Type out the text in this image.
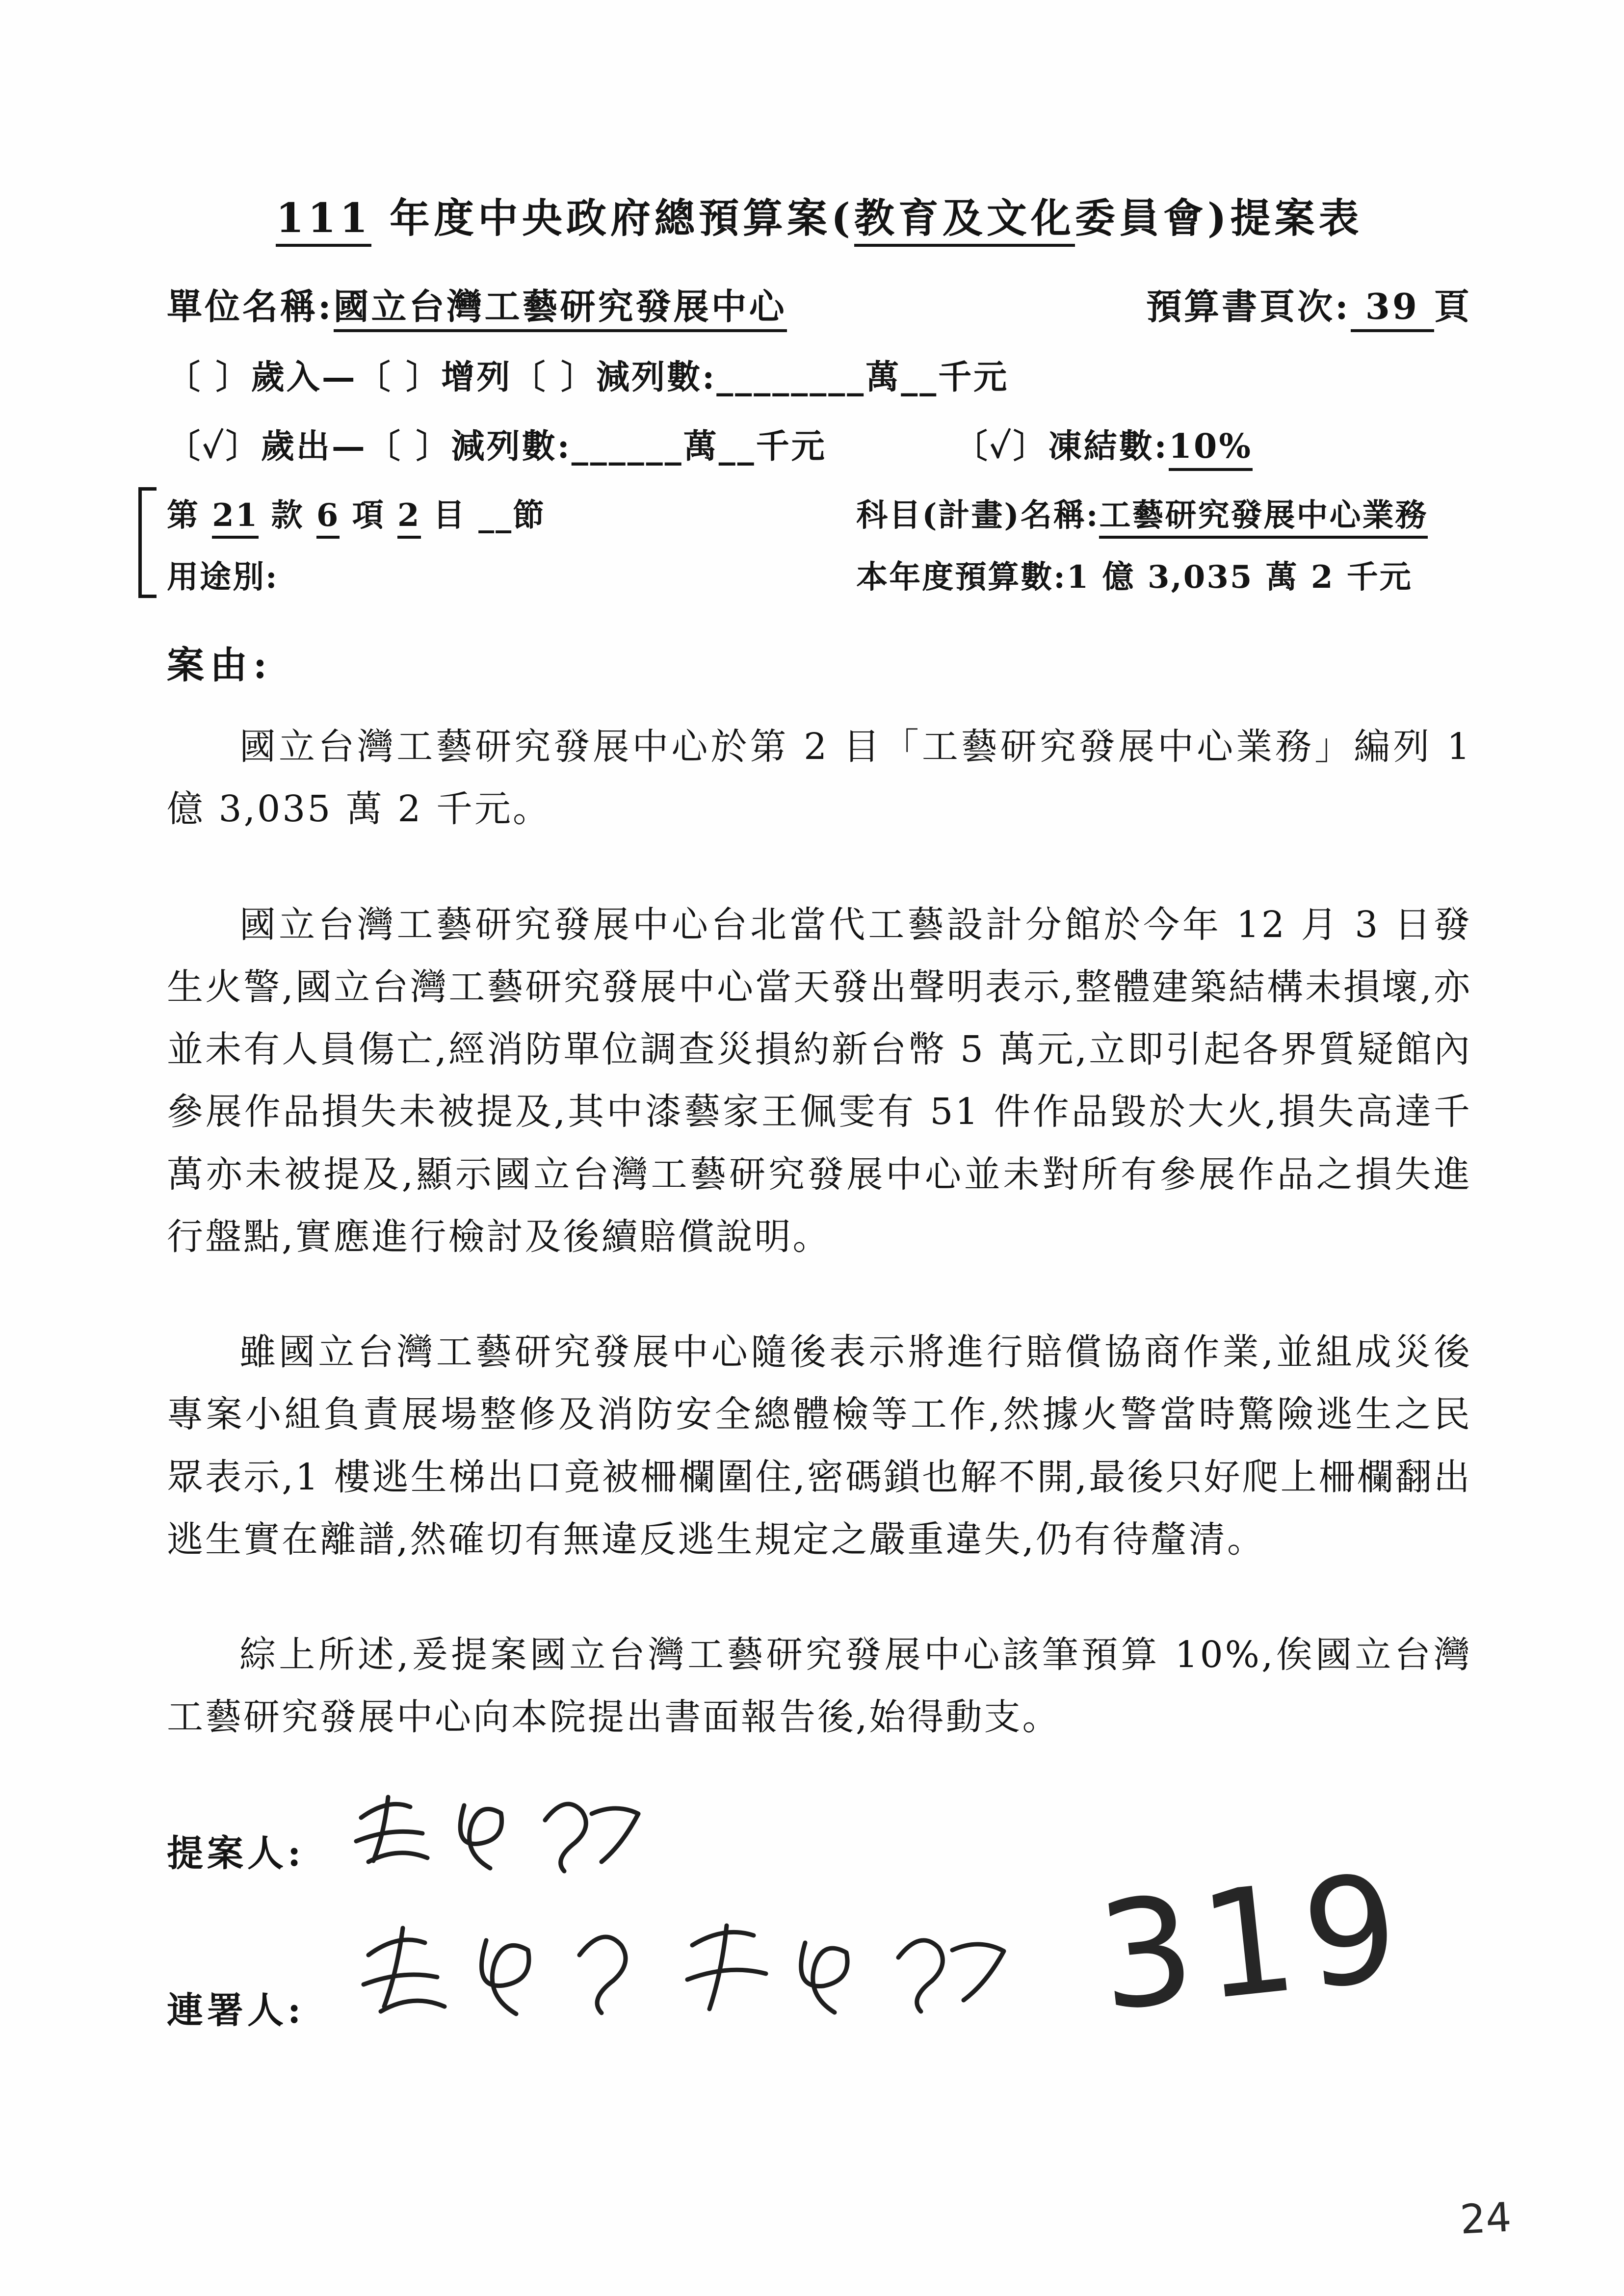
111 年度中央政府總預算案(教育及文化委員會)提案表
單位名稱:國立台灣工藝研究發展中心	預算書頁次: 39 頁
〔 〕歲入—〔 〕增列〔 〕減列數:________萬__千元
〔✓〕歲出—〔 〕減列數:______萬__千元	〔✓〕凍結數:10%
第 21 款 6 項 2 目 __節	科目(計畫)名稱:工藝研究發展中心業務
用途別:	本年度預算數:1 億 3,035 萬 2 千元
案由:

國立台灣工藝研究發展中心於第 2 目「工藝研究發展中心業務」編列 1 億 3,035 萬 2 千元。

國立台灣工藝研究發展中心台北當代工藝設計分館於今年 12 月 3 日發生火警,國立台灣工藝研究發展中心當天發出聲明表示,整體建築結構未損壞,亦並未有人員傷亡,經消防單位調查災損約新台幣 5 萬元,立即引起各界質疑館內參展作品損失未被提及,其中漆藝家王佩雯有 51 件作品毀於大火,損失高達千萬亦未被提及,顯示國立台灣工藝研究發展中心並未對所有參展作品之損失進行盤點,實應進行檢討及後續賠償說明。

雖國立台灣工藝研究發展中心隨後表示將進行賠償協商作業,並組成災後專案小組負責展場整修及消防安全總體檢等工作,然據火警當時驚險逃生之民眾表示,1 樓逃生梯出口竟被柵欄圍住,密碼鎖也解不開,最後只好爬上柵欄翻出逃生實在離譜,然確切有無違反逃生規定之嚴重違失,仍有待釐清。

綜上所述,爰提案國立台灣工藝研究發展中心該筆預算 10%,俟國立台灣工藝研究發展中心向本院提出書面報告後,始得動支。

提案人:
連署人:	319
24
